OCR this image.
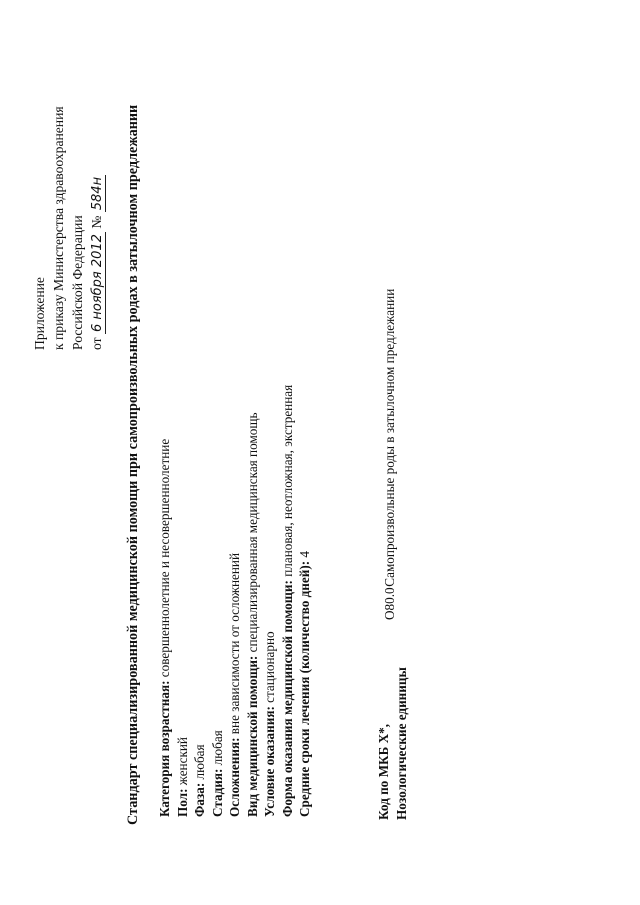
Приложение к приказу Министерства здравоохранения Российской Федерации от 6 ноября 2012 № 584н Стандарт специализированной медицинской помощи при самопроизвольных родах в затылочном предлежании Категория возрастная: совершеннолетние и несовершеннолетние
Пол: женский
Фаза: любая
Стадия: любая Осложнения: вне зависимости от осложнений Вид медицинской помощи: специализированная медицинская помощь
Условие оказания: стационарно Форма оказания медицинской помощи: плановая, неотложная, экстренная
Средние сроки лечения (количество дней): 4
Код по МКБ X*, Нозологические единицы
O80.0 Самопроизвольные роды в затылочном предлежании
